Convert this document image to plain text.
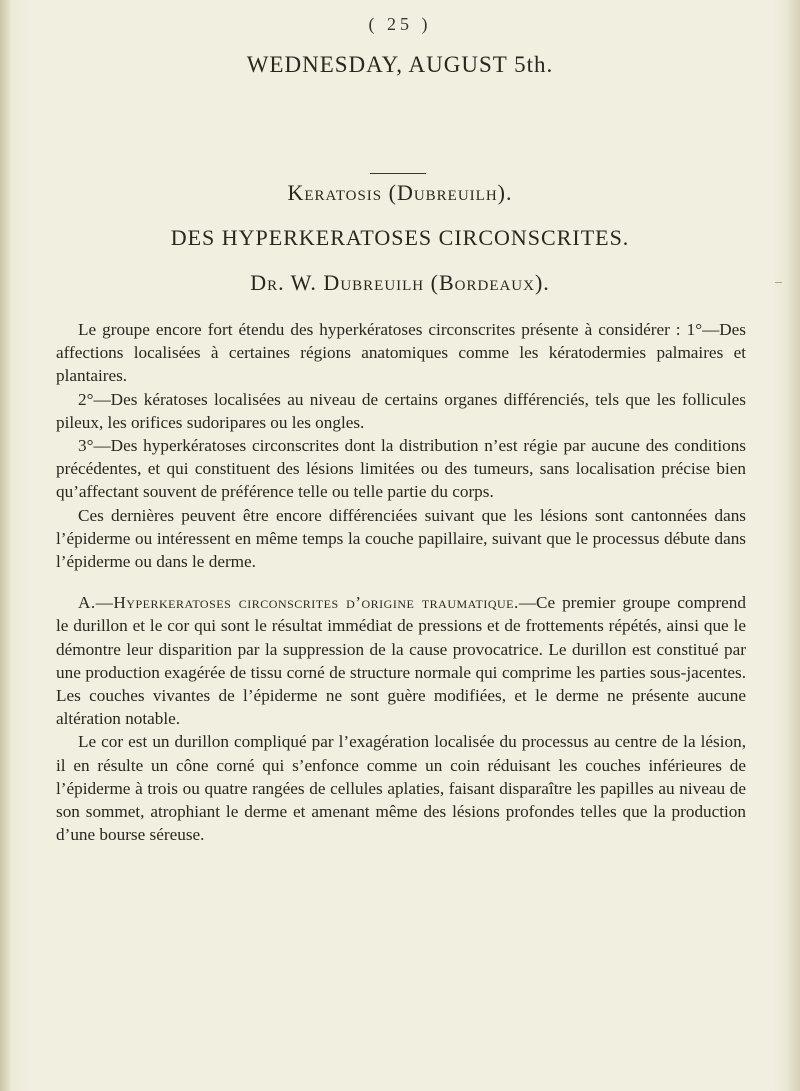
( 25 )
WEDNESDAY, AUGUST 5th.
Keratosis (Dubreuilh).
DES HYPERKERATOSES CIRCONSCRITES.
Dr. W. Dubreuilh (Bordeaux).

Le groupe encore fort étendu des hyperkératoses circonscrites présente à considérer : 1°—Des affections localisées à certaines régions anatomiques comme les kératodermies palmaires et plantaires.

2°—Des kératoses localisées au niveau de certains organes différenciés, tels que les follicules pileux, les orifices sudoripares ou les ongles.

3°—Des hyperkératoses circonscrites dont la distribution n’est régie par aucune des conditions précédentes, et qui constituent des lésions limitées ou des tumeurs, sans localisation précise bien qu’affectant souvent de préférence telle ou telle partie du corps.

Ces dernières peuvent être encore différenciées suivant que les lésions sont cantonnées dans l’épiderme ou intéressent en même temps la couche papillaire, suivant que le processus débute dans l’épiderme ou dans le derme.

A.—Hyperkeratoses circonscrites d’origine traumatique.—Ce premier groupe comprend le durillon et le cor qui sont le résultat immédiat de pressions et de frottements répétés, ainsi que le démontre leur disparition par la suppression de la cause provocatrice. Le durillon est constitué par une production exagérée de tissu corné de structure normale qui comprime les parties sous-jacentes. Les couches vivantes de l’épiderme ne sont guère modifiées, et le derme ne présente aucune altération notable.

Le cor est un durillon compliqué par l’exagération localisée du processus au centre de la lésion, il en résulte un cône corné qui s’enfonce comme un coin réduisant les couches inférieures de l’épiderme à trois ou quatre rangées de cellules aplaties, faisant disparaître les papilles au niveau de son sommet, atrophiant le derme et amenant même des lésions profondes telles que la production d’une bourse séreuse.
